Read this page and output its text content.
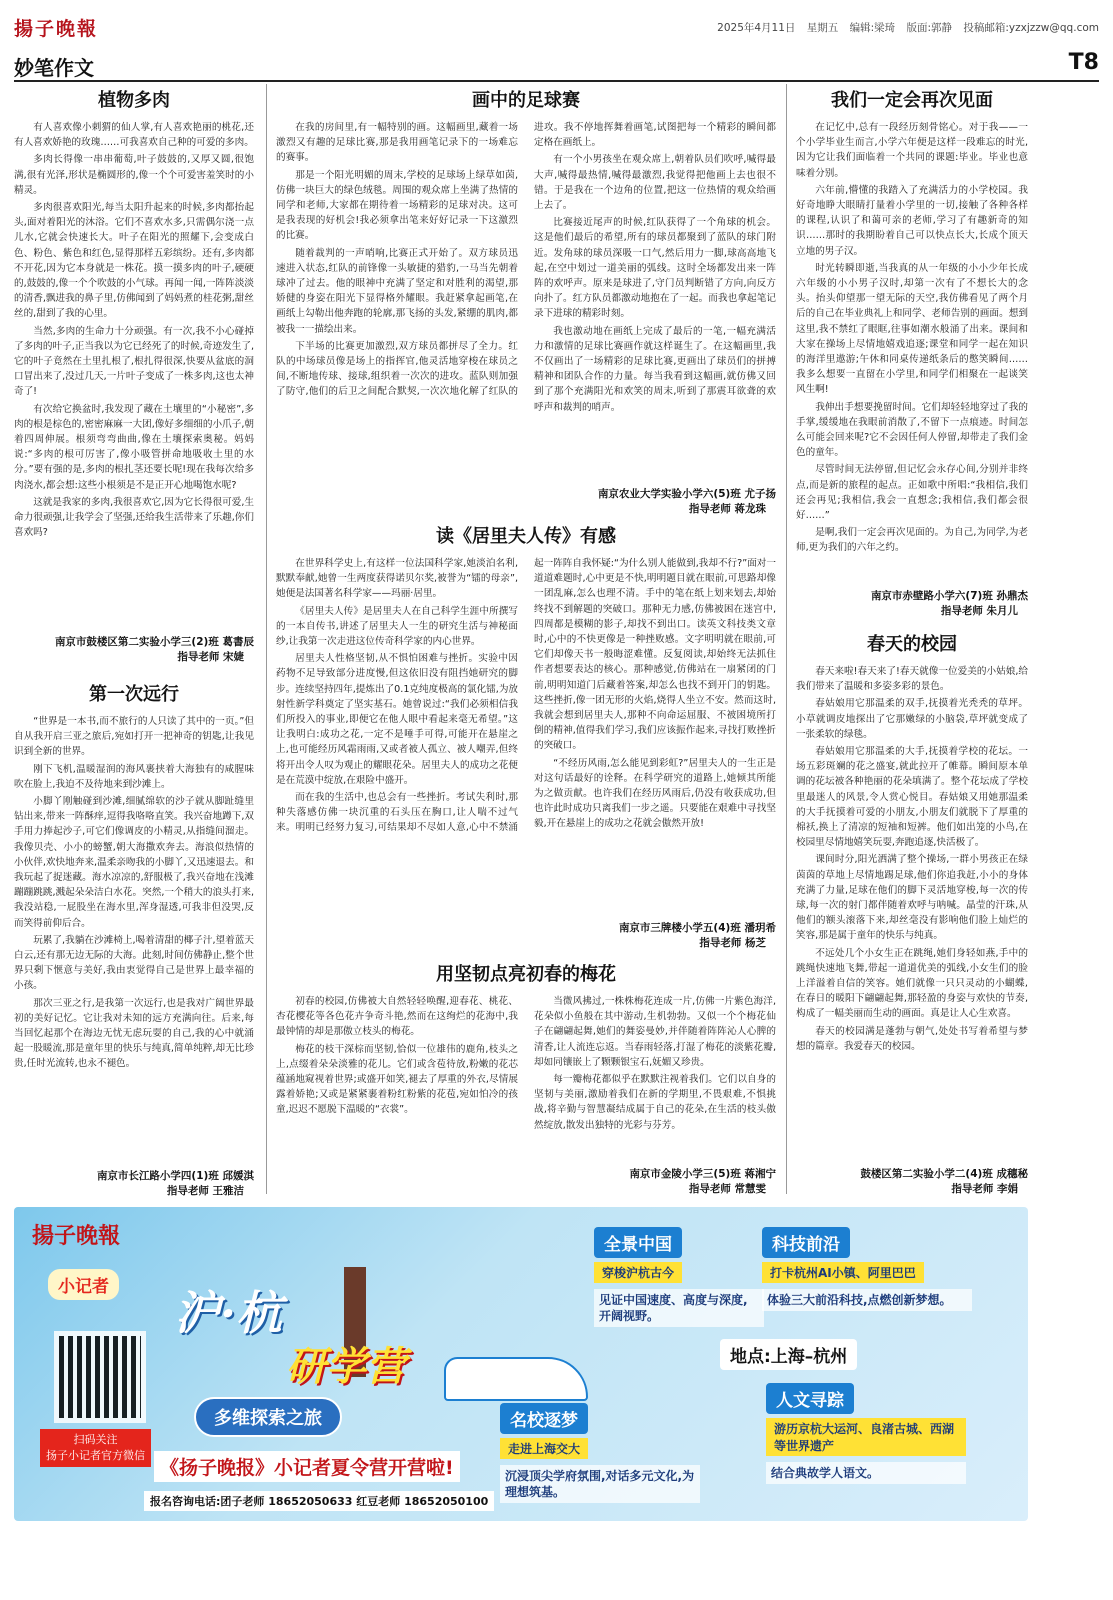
揚子晚報	2025年4月11日 星期五 编辑:梁琦 版面:郭静 投稿邮箱:yzxjzzw@qq.com
妙笔作文	T8
植物多肉

有人喜欢像小刺猬的仙人掌,有人喜欢艳丽的桃花,还有人喜欢娇艳的玫瑰……可我喜欢自己种的可爱的多肉。

多肉长得像一串串葡萄,叶子鼓鼓的,又厚又圆,很饱满,很有光泽,形状是椭圆形的,像一个个可爱害羞笑时的小精灵。

多肉很喜欢阳光,每当太阳升起来的时候,多肉都抬起头,面对着阳光的沐浴。它们不喜欢水多,只需偶尔浇一点儿水,它就会快速长大。叶子在阳光的照耀下,会变成白色、粉色、紫色和红色,显得那样五彩缤纷。还有,多肉都不开花,因为它本身就是一株花。摸一摸多肉的叶子,硬硬的,鼓鼓的,像一个个吹鼓的小气球。再闻一闻,一阵阵淡淡的清香,飘进我的鼻子里,仿佛闻到了妈妈煮的桂花粥,甜丝丝的,甜到了我的心里。

当然,多肉的生命力十分顽强。有一次,我不小心碰掉了多肉的叶子,正当我以为它已经死了的时候,奇迹发生了,它的叶子竟然在土里扎根了,根扎得很深,快要从盆底的洞口冒出来了,没过几天,一片叶子变成了一株多肉,这也太神奇了!

有次给它换盆时,我发现了藏在土壤里的“小秘密”,多肉的根是棕色的,密密麻麻一大团,像好多细细的小爪子,朝着四周伸展。根须弯弯曲曲,像在土壤探索奥秘。妈妈说:“多肉的根可厉害了,像小吸管拼命地吸收土里的水分。”要有强的是,多肉的根扎茎还要长呢!现在我每次给多肉浇水,都会想:这些小根须是不是正开心地喝饱水呢?

这就是我家的多肉,我很喜欢它,因为它长得很可爱,生命力很顽强,让我学会了坚强,还给我生活带来了乐趣,你们喜欢吗?

南京市鼓楼区第二实验小学三(2)班 葛書辰
指导老师 宋婕
第一次远行

“世界是一本书,而不旅行的人只读了其中的一页。”但自从我开启三亚之旅后,宛如打开一把神奇的钥匙,让我见识到全新的世界。

刚下飞机,温暖湿润的海风裹挟着大海独有的咸腥味吹在脸上,我迫不及待地来到沙滩上。

小脚丫刚触碰到沙滩,细腻绵软的沙子就从脚趾缝里钻出来,带来一阵酥痒,逗得我咯咯直笑。我兴奋地蹲下,双手用力捧起沙子,可它们像调皮的小精灵,从指缝间溜走。我像贝壳、小小的螃蟹,朝大海撒欢奔去。海浪似热情的小伙伴,欢快地奔来,温柔亲吻我的小脚丫,又迅速退去。和我玩起了捉迷藏。海水凉凉的,舒服极了,我兴奋地在浅滩蹦蹦跳跳,溅起朵朵洁白水花。突然,一个稍大的浪头打来,我没站稳,一屁股坐在海水里,浑身湿透,可我非但没哭,反而笑得前仰后合。

玩累了,我躺在沙滩椅上,喝着清甜的椰子汁,望着蓝天白云,还有那无边无际的大海。此刻,时间仿佛静止,整个世界只剩下惬意与美好,我由衷觉得自己是世界上最幸福的小孩。

那次三亚之行,是我第一次远行,也是我对广阔世界最初的美好记忆。它让我对未知的远方充满向往。后来,每当回忆起那个在海边无忧无虑玩耍的自己,我的心中就涌起一股暖流,那是童年里的快乐与纯真,简单纯粹,却无比珍贵,任时光流转,也永不褪色。

南京市长江路小学四(1)班 邱媛淇
指导老师 王雅洁
画中的足球赛

在我的房间里,有一幅特别的画。这幅画里,藏着一场激烈又有趣的足球比赛,那是我用画笔记录下的一场难忘的赛事。

那是一个阳光明媚的周末,学校的足球场上绿草如茵,仿佛一块巨大的绿色绒毯。周围的观众席上坐满了热情的同学和老师,大家都在期待着一场精彩的足球对决。这可是我表现的好机会!我必须拿出笔来好好记录一下这激烈的比赛。

随着裁判的一声哨响,比赛正式开始了。双方球员迅速进入状态,红队的前锋像一头敏捷的猎豹,一马当先朝着球冲了过去。他的眼神中充满了坚定和对胜利的渴望,那娇健的身姿在阳光下显得格外耀眼。我赶紧拿起画笔,在画纸上勾勒出他奔跑的轮廓,那飞扬的头发,紧绷的肌肉,都被我一一描绘出来。

下半场的比赛更加激烈,双方球员都拼尽了全力。红队的中场球员像是场上的指挥官,他灵活地穿梭在球员之间,不断地传球、接球,组织着一次次的进攻。蓝队则加强了防守,他们的后卫之间配合默契,一次次地化解了红队的进攻。我不停地挥舞着画笔,试图把每一个精彩的瞬间都定格在画纸上。

有一个小男孩坐在观众席上,朝着队员们吹呼,喊得最大声,喊得最热情,喊得最激烈,我觉得把他画上去也很不错。于是我在一个边角的位置,把这一位热情的观众给画上去了。

比赛接近尾声的时候,红队获得了一个角球的机会。这是他们最后的希望,所有的球员都聚到了蓝队的球门附近。发角球的球员深吸一口气,然后用力一脚,球高高地飞起,在空中划过一道美丽的弧线。这时全场都发出来一阵阵的欢呼声。原来是球进了,守门员判断错了方向,向反方向扑了。红方队员都激动地抱在了一起。而我也拿起笔记录下进球的精彩时刻。

我也激动地在画纸上完成了最后的一笔,一幅充满活力和激情的足球比赛画作就这样诞生了。在这幅画里,我不仅画出了一场精彩的足球比赛,更画出了球员们的拼搏精神和团队合作的力量。每当我看到这幅画,就仿佛又回到了那个充满阳光和欢笑的周末,听到了那震耳欲聋的欢呼声和裁判的哨声。

南京农业大学实验小学六(5)班 尤子扬
指导老师 蒋龙珠
读《居里夫人传》有感

在世界科学史上,有这样一位法国科学家,她淡泊名利,默默奉献,她曾一生两度获得诺贝尔奖,被誉为“镭的母亲”,她便是法国著名科学家——玛丽·居里。

《居里夫人传》是居里夫人在自己科学生涯中所撰写的一本自传书,讲述了居里夫人一生的研究生活与神秘面纱,让我第一次走进这位传奇科学家的内心世界。

居里夫人性格坚韧,从不惧怕困难与挫折。实验中因药物不足导致部分进度慢,但这依旧没有阻挡她研究的脚步。连续坚持四年,提炼出了0.1克纯度极高的氯化镭,为放射性新学科奠定了坚实基石。她曾说过:“我们必须相信我们所投入的事业,即便它在他人眼中看起来毫无希望。”这让我明白:成功之花,一定不是唾手可得,可能开在悬崖之上,也可能经历风霜雨雨,又或者被人孤立、被人嘲弄,但终将开出令人叹为观止的耀眼花朵。居里夫人的成功之花便是在荒漠中绽放,在艰险中盛开。

而在我的生活中,也总会有一些挫折。考试失利时,那种失落感仿佛一块沉重的石头压在胸口,让人喘不过气来。明明已经努力复习,可结果却不尽如人意,心中不禁涌起一阵阵自我怀疑:“为什么别人能做到,我却不行?”面对一道道难题时,心中更是不快,明明题目就在眼前,可思路却像一团乱麻,怎么也理不清。手中的笔在纸上划来划去,却始终找不到解题的突破口。那种无力感,仿佛被困在迷宫中,四周都是模糊的影子,却找不到出口。读英文科技类文章时,心中的不快更像是一种挫败感。文字明明就在眼前,可它们却像天书一般晦涩难懂。反复阅读,却始终无法抓住作者想要表达的核心。那种感觉,仿佛站在一扇紧闭的门前,明明知道门后藏着答案,却怎么也找不到开门的钥匙。这些挫折,像一团无形的火焰,烧得人坐立不安。然而这时,我就会想到居里夫人,那种不向命运屈服、不被困境所打倒的精神,值得我们学习,我们应该振作起来,寻找打败挫折的突破口。

“不经历风雨,怎么能见到彩虹?”居里夫人的一生正是对这句话最好的诠释。在科学研究的道路上,她倾其所能为之做贡献。也许我们在经历风雨后,仍没有收获成功,但也许此时成功只离我们一步之遥。只要能在艰难中寻找坚毅,开在悬崖上的成功之花就会傲然开放!

南京市三牌楼小学五(4)班 潘玥希
指导老师 杨芝
用坚韧点亮初春的梅花

初春的校园,仿佛被大自然轻轻唤醒,迎春花、桃花、杏花樱花等各色花卉争奇斗艳,然而在这绚烂的花海中,我最钟情的却是那傲立枝头的梅花。

梅花的枝干深棕而坚韧,恰似一位雄伟的鹿角,枝头之上,点缀着朵朵淡雅的花儿。它们或含苞待放,粉嫩的花芯蕴涵地窥视着世界;或盛开如笑,褪去了厚重的外衣,尽情展露着娇艳;又或是紧紧裹着粉红粉紫的花苞,宛如怕冷的孩童,迟迟不愿脱下温暖的“衣裳”。

当微风拂过,一株株梅花连成一片,仿佛一片紫色海洋,花朵似小鱼般在其中游动,生机勃勃。又似一个个梅花仙子在翩翩起舞,她们的舞姿曼妙,并伴随着阵阵沁人心脾的清香,让人流连忘返。当春雨轻落,打湿了梅花的淡紫花瓣,却如同镶嵌上了颗颗银宝石,妩媚又珍贵。

每一瓣梅花都似乎在默默注视着我们。它们以自身的坚韧与美丽,激励着我们在新的学期里,不畏艰难,不惧挑战,将辛勤与智慧凝结成属于自己的花朵,在生活的枝头傲然绽放,散发出独特的光彩与芬芳。

南京市金陵小学三(5)班 蒋湘宁
指导老师 常慧雯
我们一定会再次见面

在记忆中,总有一段经历刻骨铭心。对于我——一个小学毕业生而言,小学六年便是这样一段难忘的时光,因为它让我们面临着一个共同的课题:毕业。毕业也意味着分别。

六年前,懵懂的我踏入了充满活力的小学校园。我好奇地睁大眼睛打量着小学里的一切,接触了各种各样的课程,认识了和蔼可亲的老师,学习了有趣新奇的知识……那时的我期盼着自己可以快点长大,长成个顶天立地的男子汉。

时光转瞬即逝,当我真的从一年级的小小少年长成六年级的小小男子汉时,却第一次有了不想长大的念头。抬头仰望那一望无际的天空,我仿佛看见了两个月后的自己在毕业典礼上和同学、老师告别的画面。想到这里,我不禁红了眼眶,往事如潮水般涌了出来。课间和大家在操场上尽情地嬉戏追逐;课堂和同学一起在知识的海洋里遨游;午休和同桌传递纸条后的憋笑瞬间……我多么想要一直留在小学里,和同学们相聚在一起谈笑风生啊!

我伸出手想要挽留时间。它们却轻轻地穿过了我的手掌,缓缓地在我眼前消散了,不留下一点痕迹。时间怎么可能会回来呢?它不会因任何人停留,却带走了我们金色的童年。

尽管时间无法停留,但记忆会永存心间,分别并非终点,而是新的旅程的起点。正如歌中所唱:“我相信,我们还会再见;我相信,我会一直想念;我相信,我们都会很好……”

是啊,我们一定会再次见面的。为自己,为同学,为老师,更为我们的六年之约。

南京市赤壁路小学六(7)班 孙鼎杰
指导老师 朱月儿
春天的校园

春天来啦!春天来了!春天就像一位爱美的小姑娘,给我们带来了温暖和多姿多彩的景色。

春姑娘用它那温柔的双手,抚摸着光秃秃的草坪。小草就调皮地探出了它那嫩绿的小脑袋,草坪就变成了一张柔软的绿毯。

春姑娘用它那温柔的大手,抚摸着学校的花坛。一场五彩斑斓的花之盛宴,就此拉开了帷幕。瞬间原本单调的花坛被各种艳丽的花朵填满了。整个花坛成了学校里最迷人的风景,令人赏心悦目。春姑娘又用她那温柔的大手抚摸着可爱的小朋友,小朋友们就脱下了厚重的棉袄,换上了清凉的短袖和短裤。他们如出笼的小鸟,在校园里尽情地嬉笑玩耍,奔跑追逐,快活极了。

课间时分,阳光洒满了整个操场,一群小男孩正在绿茵茵的草地上尽情地踢足球,他们你追我赶,小小的身体充满了力量,足球在他们的脚下灵活地穿梭,每一次的传球,每一次的射门都伴随着欢呼与呐喊。晶莹的汗珠,从他们的额头滚落下来,却丝毫没有影响他们脸上灿烂的笑容,那是属于童年的快乐与纯真。

不远处几个小女生正在跳绳,她们身轻如燕,手中的跳绳快速地飞舞,带起一道道优美的弧线,小女生们的脸上洋溢着自信的笑容。她们就像一只只灵动的小蝴蝶,在春日的暖阳下翩翩起舞,那轻盈的身姿与欢快的节奏,构成了一幅美丽而生动的画面。真是让人心生欢喜。

春天的校园满是蓬勃与朝气,处处书写着希望与梦想的篇章。我爱春天的校园。

鼓楼区第二实验小学二(4)班 成穗秘
指导老师 李娟
揚子晚報
小记者
扫码关注
扬子小记者官方微信
沪·杭
研学营
多维探索之旅
《扬子晚报》小记者夏令营开营啦!
报名咨询电话:团子老师 18652050633 红豆老师 18652050100
地点:上海–杭州
全景中国
穿梭沪杭古今
见证中国速度、高度与深度,开阔视野。
科技前沿
打卡杭州AI小镇、阿里巴巴
体验三大前沿科技,点燃创新梦想。
名校逐梦
走进上海交大
沉浸顶尖学府氛围,对话多元文化,为理想筑基。
人文寻踪
游历京杭大运河、良渚古城、西湖等世界遗产
结合典故学人语文。
